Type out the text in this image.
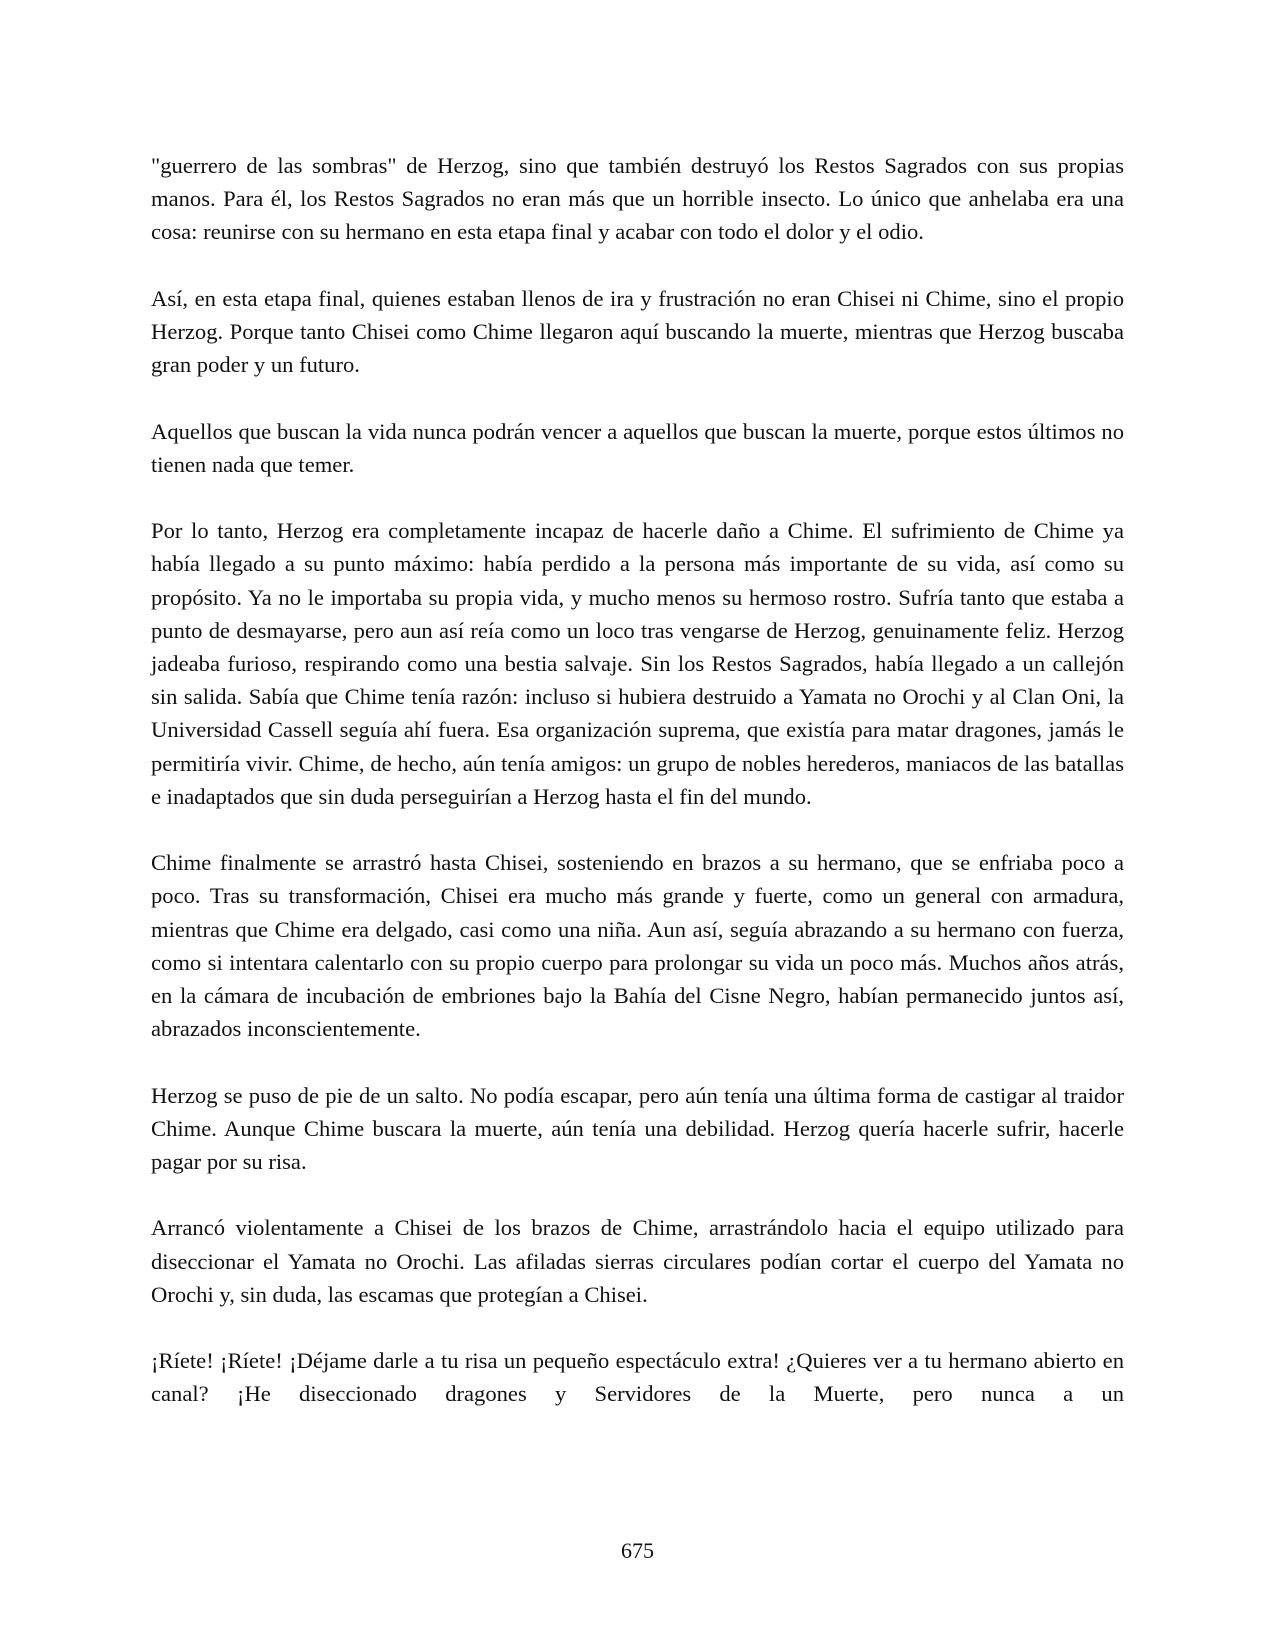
"guerrero de las sombras" de Herzog, sino que también destruyó los Restos Sagrados con sus propias manos. Para él, los Restos Sagrados no eran más que un horrible insecto. Lo único que anhelaba era una cosa: reunirse con su hermano en esta etapa final y acabar con todo el dolor y el odio.

Así, en esta etapa final, quienes estaban llenos de ira y frustración no eran Chisei ni Chime, sino el propio Herzog. Porque tanto Chisei como Chime llegaron aquí buscando la muerte, mientras que Herzog buscaba gran poder y un futuro.

Aquellos que buscan la vida nunca podrán vencer a aquellos que buscan la muerte, porque estos últimos no tienen nada que temer.

Por lo tanto, Herzog era completamente incapaz de hacerle daño a Chime. El sufrimiento de Chime ya había llegado a su punto máximo: había perdido a la persona más importante de su vida, así como su propósito. Ya no le importaba su propia vida, y mucho menos su hermoso rostro. Sufría tanto que estaba a punto de desmayarse, pero aun así reía como un loco tras vengarse de Herzog, genuinamente feliz. Herzog jadeaba furioso, respirando como una bestia salvaje. Sin los Restos Sagrados, había llegado a un callejón sin salida. Sabía que Chime tenía razón: incluso si hubiera destruido a Yamata no Orochi y al Clan Oni, la Universidad Cassell seguía ahí fuera. Esa organización suprema, que existía para matar dragones, jamás le permitiría vivir. Chime, de hecho, aún tenía amigos: un grupo de nobles herederos, maniacos de las batallas e inadaptados que sin duda perseguirían a Herzog hasta el fin del mundo.

Chime finalmente se arrastró hasta Chisei, sosteniendo en brazos a su hermano, que se enfriaba poco a poco. Tras su transformación, Chisei era mucho más grande y fuerte, como un general con armadura, mientras que Chime era delgado, casi como una niña. Aun así, seguía abrazando a su hermano con fuerza, como si intentara calentarlo con su propio cuerpo para prolongar su vida un poco más. Muchos años atrás, en la cámara de incubación de embriones bajo la Bahía del Cisne Negro, habían permanecido juntos así, abrazados inconscientemente.

Herzog se puso de pie de un salto. No podía escapar, pero aún tenía una última forma de castigar al traidor Chime. Aunque Chime buscara la muerte, aún tenía una debilidad. Herzog quería hacerle sufrir, hacerle pagar por su risa.

Arrancó violentamente a Chisei de los brazos de Chime, arrastrándolo hacia el equipo utilizado para diseccionar el Yamata no Orochi. Las afiladas sierras circulares podían cortar el cuerpo del Yamata no Orochi y, sin duda, las escamas que protegían a Chisei.

¡Ríete! ¡Ríete! ¡Déjame darle a tu risa un pequeño espectáculo extra! ¿Quieres ver a tu hermano abierto en canal? ¡He diseccionado dragones y Servidores de la Muerte, pero nunca a un

675
